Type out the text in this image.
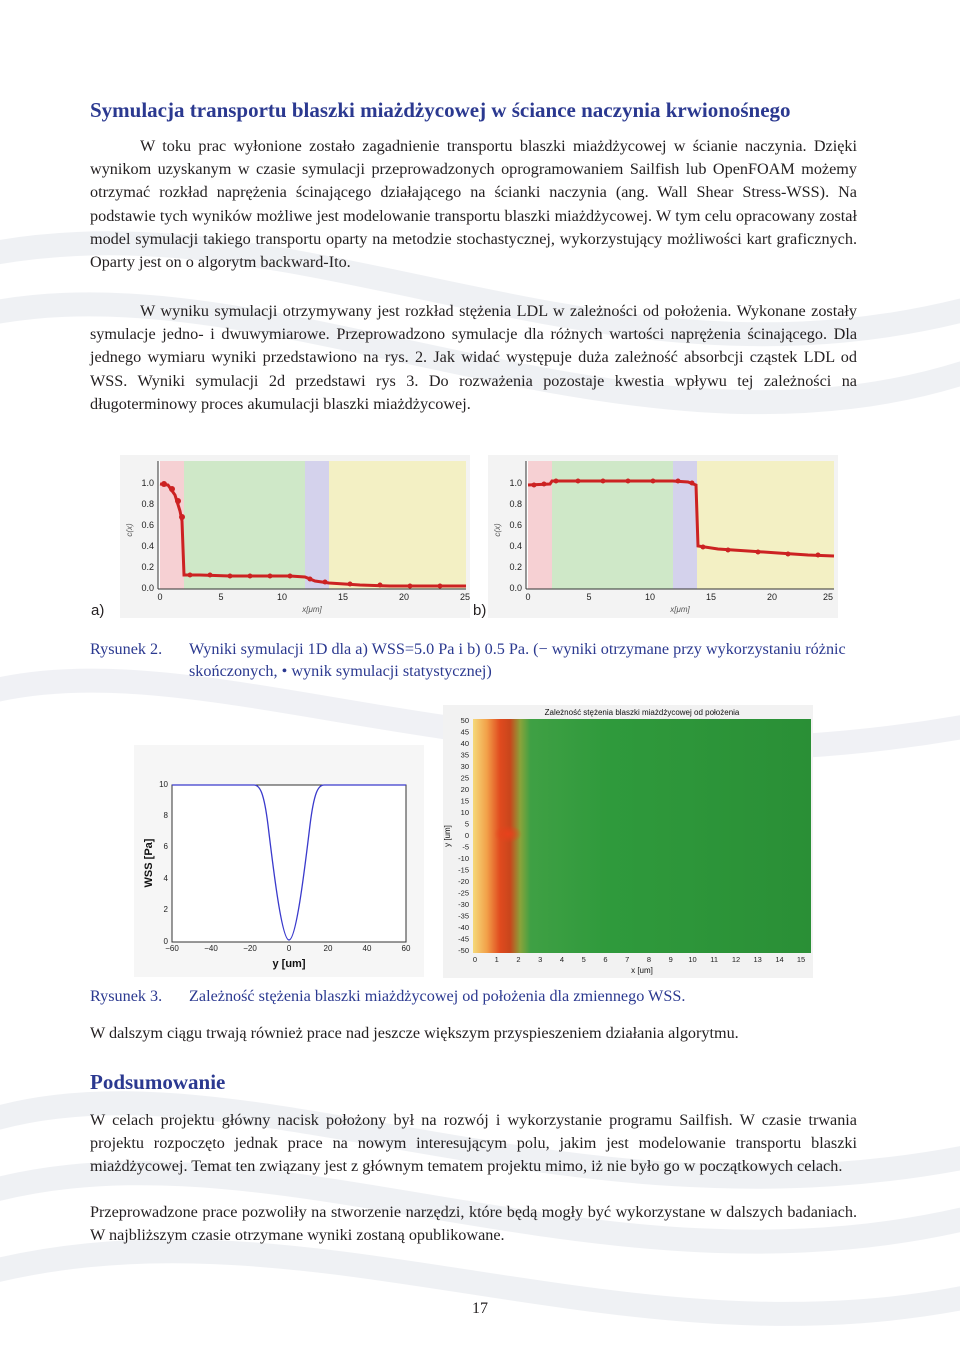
Symulacja transportu blaszki miażdżycowej w ściance naczynia krwionośnego

W toku prac wyłonione zostało zagadnienie transportu blaszki miażdżycowej w ścianie naczynia. Dzięki wynikom uzyskanym w czasie symulacji przeprowadzonych oprogramowaniem Sailfish lub OpenFOAM możemy otrzymać rozkład naprężenia ścinającego działającego na ścianki naczynia (ang. Wall Shear Stress-WSS). Na podstawie tych wyników możliwe jest modelowanie transportu blaszki miażdżycowej. W tym celu opracowany został model symulacji takiego transportu oparty na metodzie stochastycznej, wykorzystujący możliwości kart graficznych. Oparty jest on o algorytm backward-Ito.

W wyniku symulacji otrzymywany jest rozkład stężenia LDL w zależności od położenia. Wykonane zostały symulacje jedno- i dwuwymiarowe. Przeprowadzono symulacje dla różnych wartości naprężenia ścinającego. Dla jednego wymiaru wyniki przedstawiono na rys. 2. Jak widać występuje duża zależność absorbcji cząstek LDL od WSS. Wyniki symulacji 2d przedstawi rys 3. Do rozważenia pozostaje kwestia wpływu tej zależności na długoterminowy proces akumulacji blaszki miażdżycowej.

a)	b)
1.0
0.8
0.6
0.4
0.2
0.0
0	5	10	15	20	25
x[μm]
c(x)
1.0
0.8
0.6
0.4
0.2
0.0
0	5	10	15	20	25
x[μm]
c(x)
Rysunek 2. Wyniki symulacji 1D dla a) WSS=5.0 Pa i b) 0.5 Pa. (− wyniki otrzymane przy wykorzystaniu różnic skończonych, • wynik symulacji statystycznej)
0
2
4
6
8
10
−60	−40	−20	0	20	40	60
y [um]
WSS [Pa]
Zależność stężenia blaszki miażdżycowej od położenia
50
45
40
35
30
25
20
15
10
5
0
-5
-10
-15
-20
-25
-30
-35
-40
-45
-50
0 1 2 3 4 5 6 7 8 9 10 11 12 13 14 15
x [um]
y [um]
Rysunek 3. Zależność stężenia blaszki miażdżycowej od położenia dla zmiennego WSS.

W dalszym ciągu trwają również prace nad jeszcze większym przyspieszeniem działania algorytmu.

Podsumowanie

W celach projektu główny nacisk położony był na rozwój i wykorzystanie programu Sailfish. W czasie trwania projektu rozpoczęto jednak prace na nowym interesującym polu, jakim jest modelowanie transportu blaszki miażdżycowej. Temat ten związany jest z głównym tematem projektu mimo, iż nie było go w początkowych celach.

Przeprowadzone prace pozwoliły na stworzenie narzędzi, które będą mogły być wykorzystane w dalszych badaniach. W najbliższym czasie otrzymane wyniki zostaną opublikowane.

17
